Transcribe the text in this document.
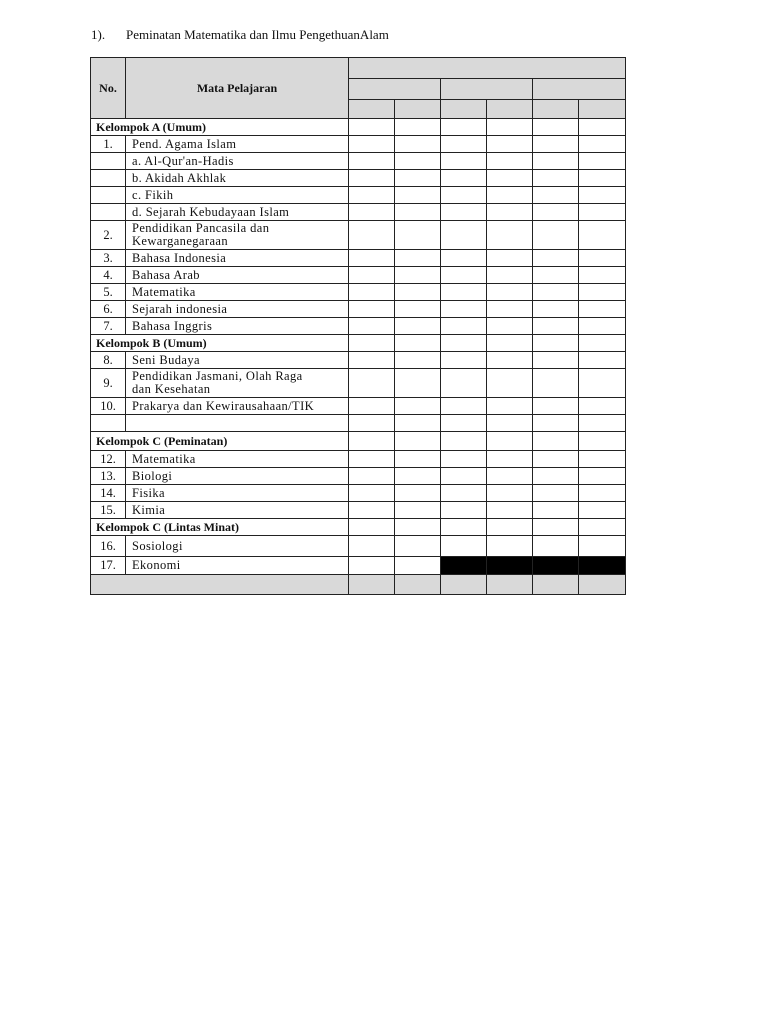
1). Peminatan Matematika dan Ilmu PengethuanAlam
No.	Mata Pelajaran						

Kelompok A (Umum)							
1.	Pend. Agama Islam						
	a. Al-Qur'an-Hadis						
	b. Akidah Akhlak						
	c. Fikih						
	d. Sejarah Kebudayaan Islam						
2.	Pendidikan Pancasila dan
Kewarganegaraan						
3.	Bahasa Indonesia						
4.	Bahasa Arab						
5.	Matematika						
6.	Sejarah indonesia						
7.	Bahasa Inggris						
Kelompok B (Umum)							
8.	Seni Budaya						
9.	Pendidikan Jasmani, Olah Raga
dan Kesehatan						
10.	Prakarya dan Kewirausahaan/TIK						

Kelompok C (Peminatan)							
12.	Matematika						
13.	Biologi						
14.	Fisika						
15.	Kimia						
Kelompok C (Lintas Minat)							
16.	Sosiologi						
17.	Ekonomi						
